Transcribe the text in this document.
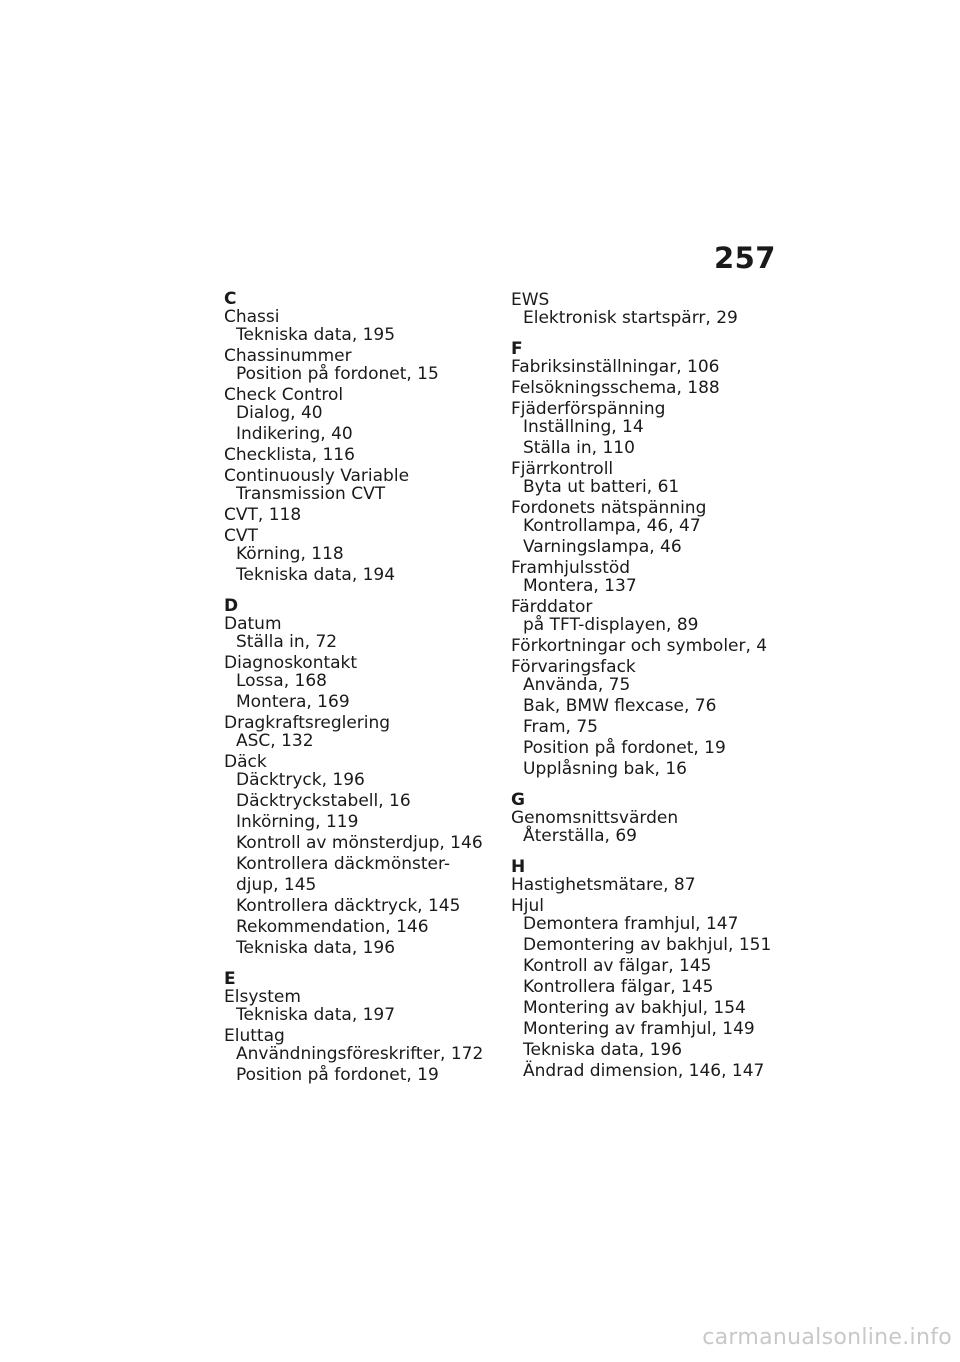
257
C
Chassi
Tekniska data, 195
Chassinummer
Position på fordonet, 15
Check Control
Dialog, 40
Indikering, 40
Checklista, 116
Continuously Variable
Transmission CVT
CVT, 118
CVT
Körning, 118
Tekniska data, 194
D
Datum
Ställa in, 72
Diagnoskontakt
Lossa, 168
Montera, 169
Dragkraftsreglering
ASC, 132
Däck
Däcktryck, 196
Däcktryckstabell, 16
Inkörning, 119
Kontroll av mönsterdjup, 146
Kontrollera däckmönster-
djup, 145
Kontrollera däcktryck, 145
Rekommendation, 146
Tekniska data, 196
E
Elsystem
Tekniska data, 197
Eluttag
Användningsföreskrifter, 172
Position på fordonet, 19
EWS
Elektronisk startspärr, 29
F
Fabriksinställningar, 106
Felsökningsschema, 188
Fjäderförspänning
Inställning, 14
Ställa in, 110
Fjärrkontroll
Byta ut batteri, 61
Fordonets nätspänning
Kontrollampa, 46, 47
Varningslampa, 46
Framhjulsstöd
Montera, 137
Färddator
på TFT-displayen, 89
Förkortningar och symboler, 4
Förvaringsfack
Använda, 75
Bak, BMW flexcase, 76
Fram, 75
Position på fordonet, 19
Upplåsning bak, 16
G
Genomsnittsvärden
Återställa, 69
H
Hastighetsmätare, 87
Hjul
Demontera framhjul, 147
Demontering av bakhjul, 151
Kontroll av fälgar, 145
Kontrollera fälgar, 145
Montering av bakhjul, 154
Montering av framhjul, 149
Tekniska data, 196
Ändrad dimension, 146, 147
carmanualsonline.info
